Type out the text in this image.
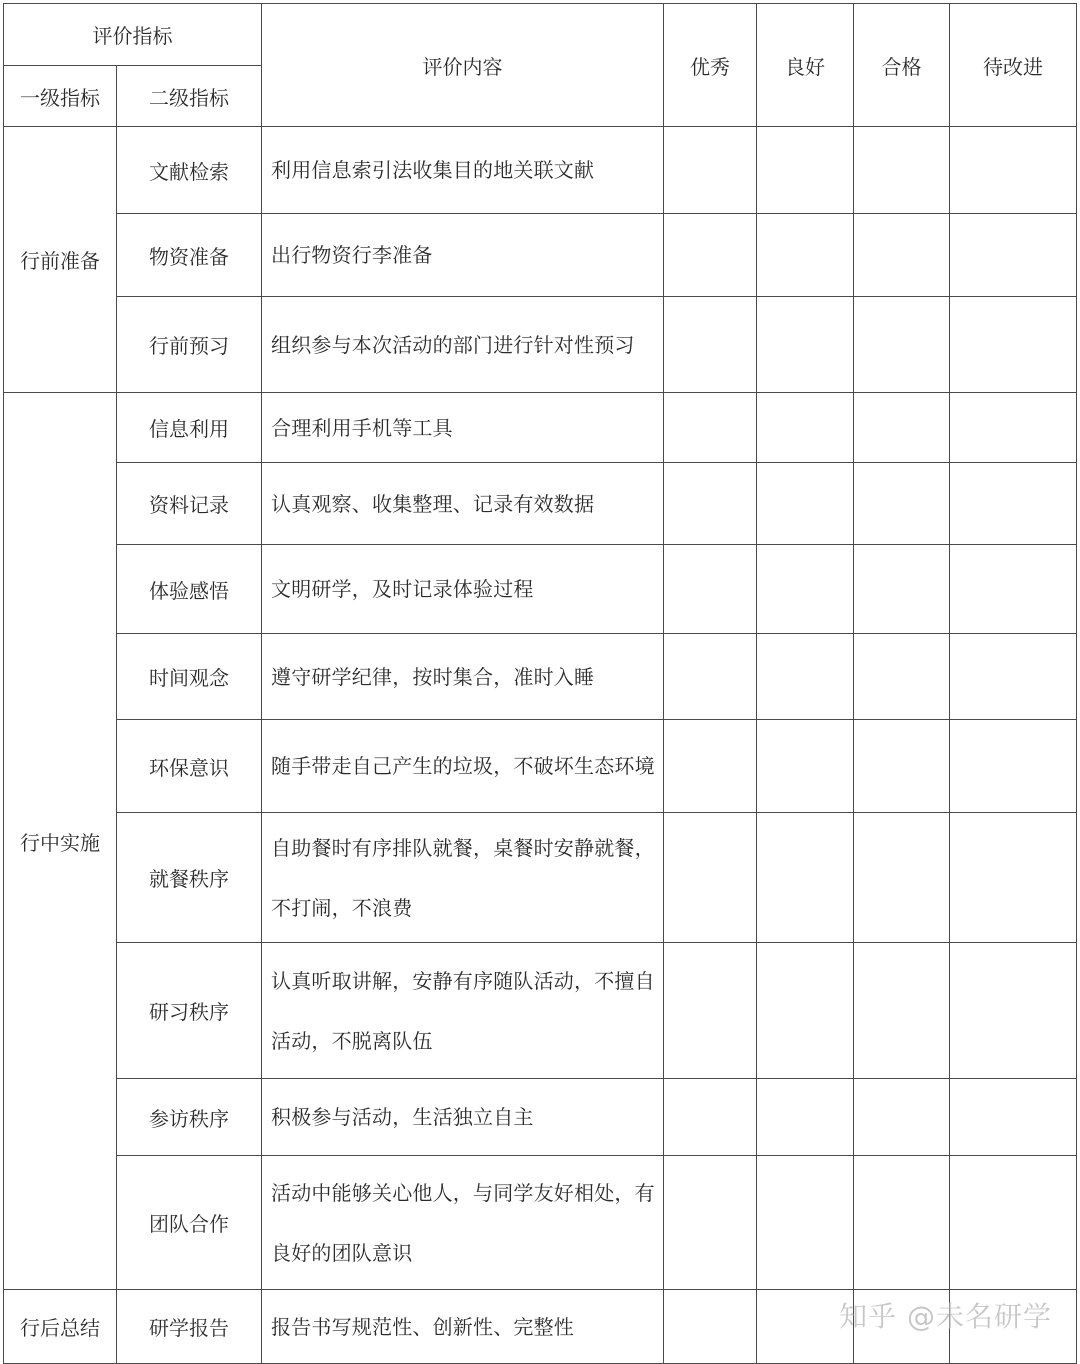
评价指标		评价内容	优秀	良好	合格	待改进
一级指标	二级指标					
行前准备	文献检索	利用信息索引法收集目的地关联文献				
	物资准备	出行物资行李准备				
	行前预习	组织参与本次活动的部门进行针对性预习				
行中实施	信息利用	合理利用手机等工具				
	资料记录	认真观察、收集整理、记录有效数据				
	体验感悟	文明研学，及时记录体验过程				
	时间观念	遵守研学纪律，按时集合，准时入睡				
	环保意识	随手带走自己产生的垃圾，不破坏生态环境				
	就餐秩序	自助餐时有序排队就餐，桌餐时安静就餐，不打闹，不浪费				
	研习秩序	认真听取讲解，安静有序随队活动，不擅自活动，不脱离队伍				
	参访秩序	积极参与活动，生活独立自主				
	团队合作	活动中能够关心他人，与同学友好相处，有良好的团队意识				
行后总结	研学报告	报告书写规范性、创新性、完整性					知乎 @未名研学
